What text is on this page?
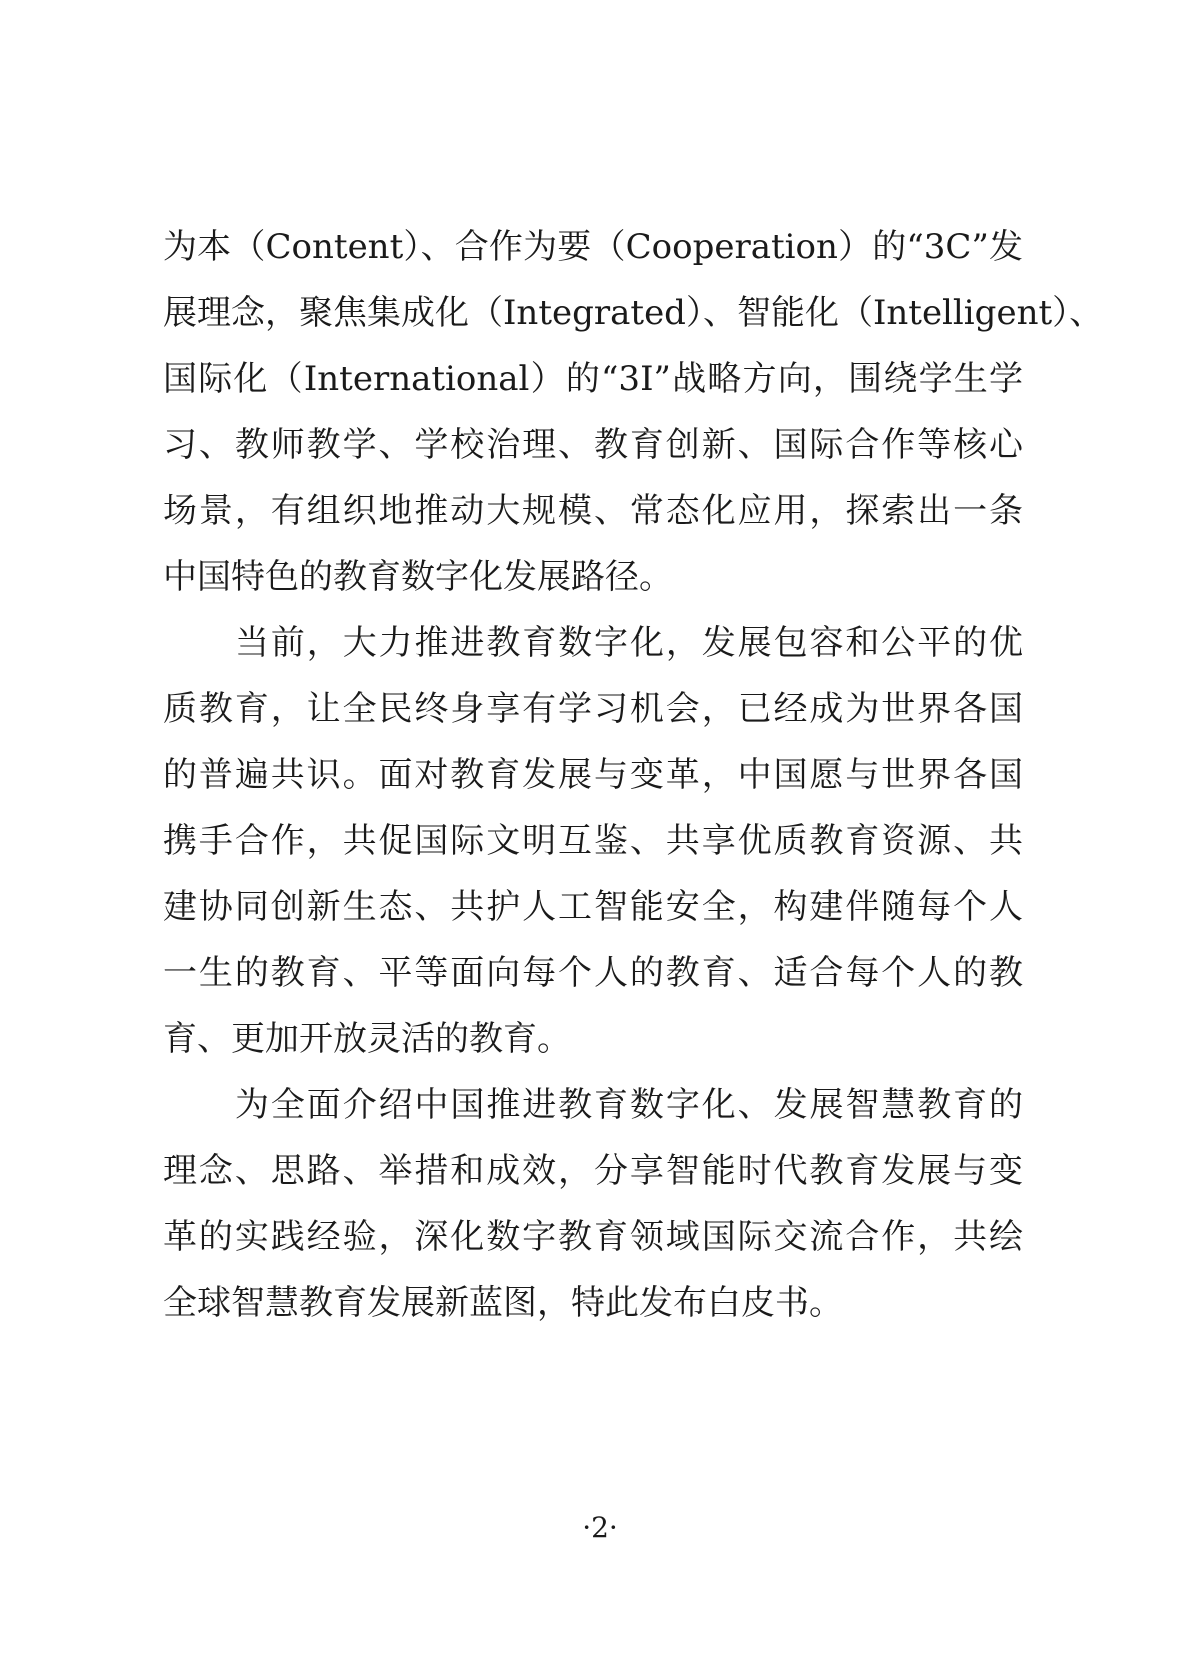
为本（Content）、合作为要（Cooperation）的“3C”发
展理念，聚焦集成化（Integrated）、智能化（Intelligent）、
国际化（International）的“3I”战略方向，围绕学生学
习、教师教学、学校治理、教育创新、国际合作等核心
场景，有组织地推动大规模、常态化应用，探索出一条
中国特色的教育数字化发展路径。
当前，大力推进教育数字化，发展包容和公平的优
质教育，让全民终身享有学习机会，已经成为世界各国
的普遍共识。面对教育发展与变革，中国愿与世界各国
携手合作，共促国际文明互鉴、共享优质教育资源、共
建协同创新生态、共护人工智能安全，构建伴随每个人
一生的教育、平等面向每个人的教育、适合每个人的教
育、更加开放灵活的教育。
为全面介绍中国推进教育数字化、发展智慧教育的
理念、思路、举措和成效，分享智能时代教育发展与变
革的实践经验，深化数字教育领域国际交流合作，共绘
全球智慧教育发展新蓝图，特此发布白皮书。
·2·
